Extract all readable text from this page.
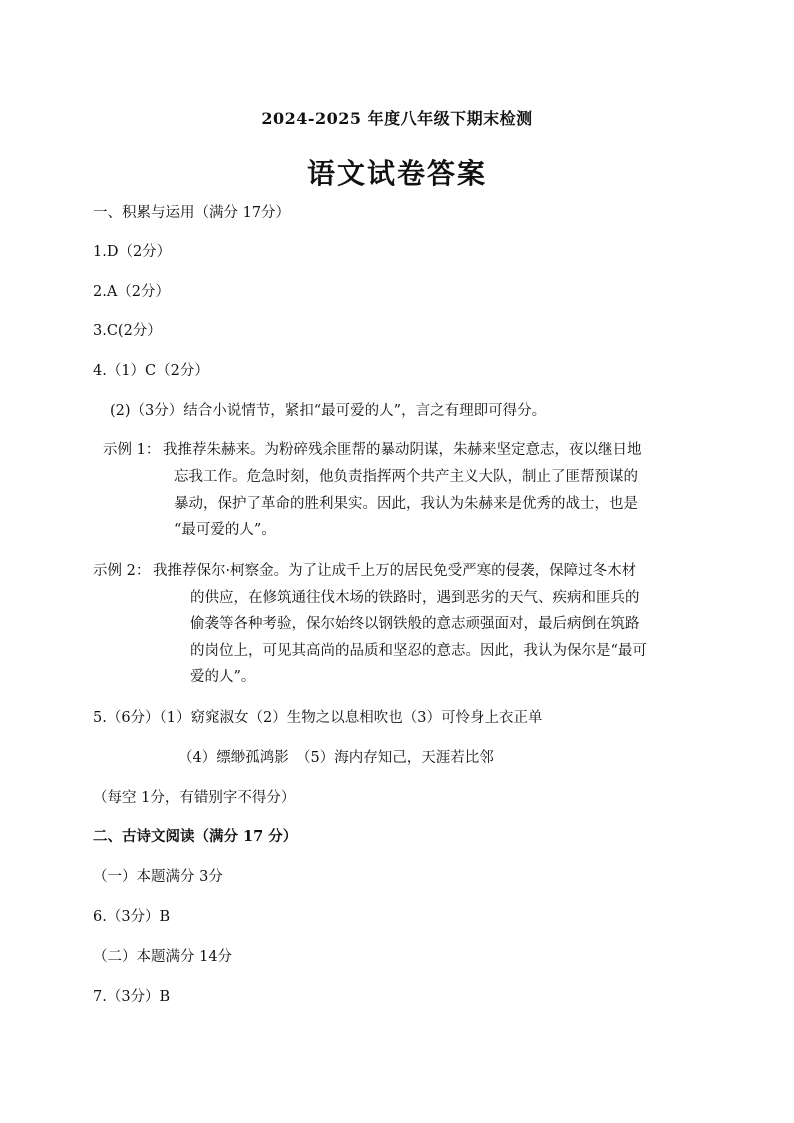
2024-2025 年度八年级下期末检测
语文试卷答案
一、积累与运用（满分 17分）
1.D（2分）
2.A（2分）
3.C(2分）
4.（1）C（2分）
(2)（3分）结合小说情节，紧扣“最可爱的人”，言之有理即可得分。
示例 1： 我推荐朱赫来。为粉碎残余匪帮的暴动阴谋，朱赫来坚定意志，夜以继日地
忘我工作。危急时刻，他负责指挥两个共产主义大队，制止了匪帮预谋的
暴动，保护了革命的胜利果实。因此，我认为朱赫来是优秀的战士，也是
“最可爱的人”。
示例 2： 我推荐保尔·柯察金。为了让成千上万的居民免受严寒的侵袭，保障过冬木材
的供应，在修筑通往伐木场的铁路时，遇到恶劣的天气、疾病和匪兵的
偷袭等各种考验，保尔始终以钢铁般的意志顽强面对，最后病倒在筑路
的岗位上，可见其高尚的品质和坚忍的意志。因此，我认为保尔是“最可
爱的人”。
5.（6分）（1）窈窕淑女（2）生物之以息相吹也（3）可怜身上衣正单
（4）缥缈孤鸿影　（5）海内存知己，天涯若比邻
（每空 1分，有错别字不得分）
二、古诗文阅读（满分 17 分）
（一）本题满分 3分
6.（3分）B
（二）本题满分 14分
7.（3分）B
